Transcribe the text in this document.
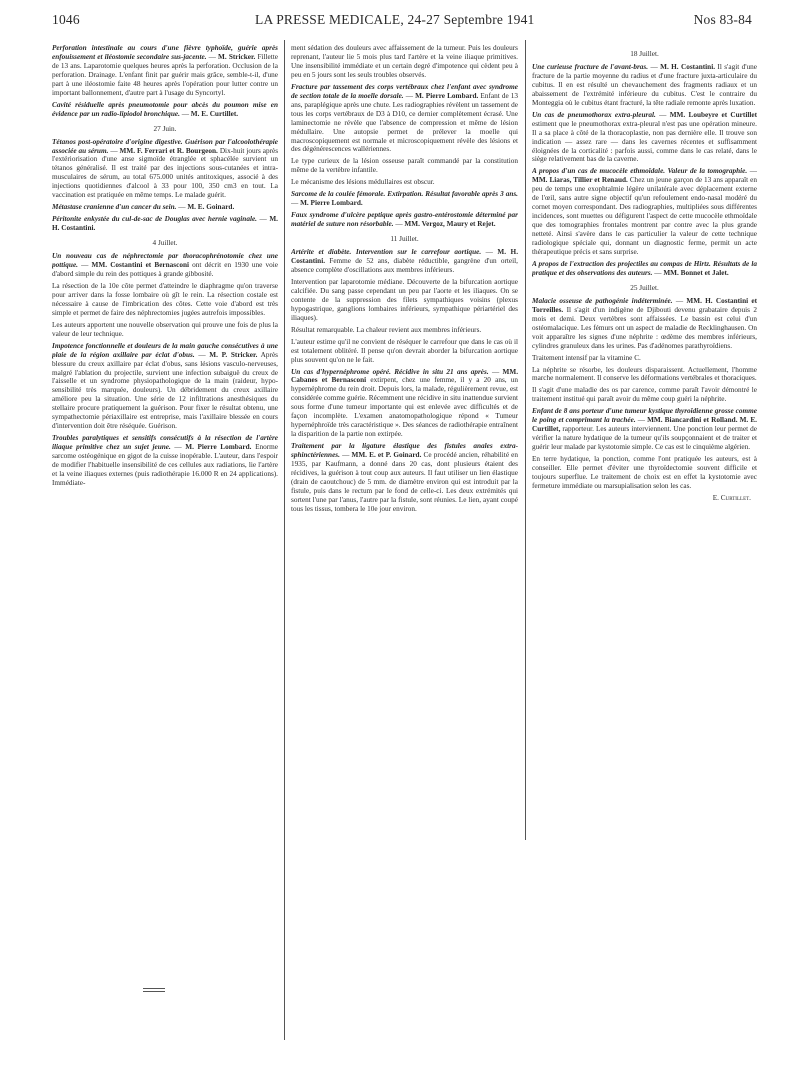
1046	LA PRESSE MEDICALE, 24-27 Septembre 1941	Nos 83-84

Perforation intestinale au cours d'une fièvre typhoïde, guérie après enfouissement et iléostomie secondaire sus-jacente. — M. Stricker. Fillette de 13 ans. Laparotomie quelques heures après la perforation. Occlusion de la perforation. Drainage. L'enfant finit par guérir mais grâce, semble-t-il, d'une part à une iléostomie faite 48 heures après l'opération pour lutter contre un important ballonnement, d'autre part à l'usage du Syncortyl.

Cavité résiduelle après pneumotomie pour abcès du poumon mise en évidence par un radio-lipiodol bronchique. — M. E. Curtillet.

27 Juin.

Tétanos post-opératoire d'origine digestive. Guérison par l'alcoolothérapie associée au sérum. — MM. F. Ferrari et R. Bourgeon. Dix-huit jours après l'extériorisation d'une anse sigmoïde étranglée et sphacélée survient un tétanos généralisé. Il est traité par des injections sous-cutanées et intra-musculaires de sérum, au total 675.000 unités antitoxiques, associé à des injections quotidiennes d'alcool à 33 pour 100, 350 cm3 en tout. La vaccination est pratiquée en même temps. Le malade guérit.

Métastase cranienne d'un cancer du sein. — M. E. Goinard.

Péritonite enkystée du cul-de-sac de Douglas avec hernie vaginale. — M. H. Costantini.

4 Juillet.

Un nouveau cas de néphrectomie par thoracophrénotomie chez une pottique. — MM. Costantini et Bernasconi ont décrit en 1930 une voie d'abord simple du rein des pottiques à grande gibbosité.

La résection de la 10e côte permet d'atteindre le diaphragme qu'on traverse pour arriver dans la fosse lombaire où gît le rein. La résection costale est nécessaire à cause de l'imbrication des côtes. Cette voie d'abord est très simple et permet de faire des néphrectomies jugées autrefois impossibles.

Les auteurs apportent une nouvelle observation qui prouve une fois de plus la valeur de leur technique.

Impotence fonctionnelle et douleurs de la main gauche consécutives à une plaie de la région axillaire par éclat d'obus. — M. P. Stricker. Après blessure du creux axillaire par éclat d'obus, sans lésions vasculo-nerveuses, malgré l'ablation du projectile, survient une infection subaiguë du creux de l'aisselle et un syndrome physiopathologique de la main (raideur, hypo-sensibilité très marquée, douleurs). Un débridement du creux axillaire améliore peu la situation. Une série de 12 infiltrations anesthésiques du stellaire procure pratiquement la guérison. Pour fixer le résultat obtenu, une sympathectomie périaxillaire est entreprise, mais l'axillaire blessée en cours d'intervention doit être réséquée. Guérison.

Troubles paralytiques et sensitifs consécutifs à la résection de l'artère iliaque primitive chez un sujet jeune. — M. Pierre Lombard. Enorme sarcome ostéogénique en gigot de la cuisse inopérable. L'auteur, dans l'espoir de modifier l'habituelle insensibilité de ces cellules aux radiations, lie l'artère et la veine iliaques externes (puis radiothérapie 16.000 R en 24 applications). Immédiate-

ment sédation des douleurs avec affaissement de la tumeur. Puis les douleurs reprenant, l'auteur lie 5 mois plus tard l'artère et la veine iliaque primitives. Une insensibilité immédiate et un certain degré d'impotence qui cèdent peu à peu en 5 jours sont les seuls troubles observés.

Fracture par tassement des corps vertébraux chez l'enfant avec syndrome de section totale de la moelle dorsale. — M. Pierre Lombard. Enfant de 13 ans, paraplégique après une chute. Les radiographies révèlent un tassement de tous les corps vertébraux de D3 à D10, ce dernier complètement écrasé. Une laminectomie ne révèle que l'absence de compression et même de lésion médullaire. Une autopsie permet de prélever la moelle qui macroscopiquement est normale et microscopiquement révèle des lésions et des dégénérescences wallériennes.

Le type curieux de la lésion osseuse paraît commandé par la constitution même de la vertèbre infantile.

Le mécanisme des lésions médullaires est obscur.

Sarcome de la coulée fémorale. Extirpation. Résultat favorable après 3 ans. — M. Pierre Lombard.

Faux syndrome d'ulcère peptique après gastro-entérostomie déterminé par matériel de suture non résorbable. — MM. Vergoz, Maury et Rejet.

11 Juillet.

Artérite et diabète. Intervention sur le carrefour aortique. — M. H. Costantini. Femme de 52 ans, diabète réductible, gangrène d'un orteil, absence complète d'oscillations aux membres inférieurs.

Intervention par laparotomie médiane. Découverte de la bifurcation aortique calcifiée. Du sang passe cependant un peu par l'aorte et les iliaques. On se contente de la suppression des filets sympathiques voisins (plexus hypogastrique, ganglions lombaires inférieurs, sympathique périartériel des iliaques).

Résultat remarquable. La chaleur revient aux membres inférieurs.

L'auteur estime qu'il ne convient de réséquer le carrefour que dans le cas où il est totalement oblitéré. Il pense qu'on devrait aborder la bifurcation aortique plus souvent qu'on ne le fait.

Un cas d'hypernéphrome opéré. Récidive in situ 21 ans après. — MM. Cabanes et Bernasconi extirpent, chez une femme, il y a 20 ans, un hypernéphrome du rein droit. Depuis lors, la malade, régulièrement revue, est considérée comme guérie. Récemment une récidive in situ inattendue survient sous forme d'une tumeur importante qui est enlevée avec difficultés et de façon incomplète. L'examen anatomopathologique répond « Tumeur hypernéphroïde très caractéristique ». Des séances de radiothérapie entraînent la disparition de la partie non extirpée.

Traitement par la ligature élastique des fistules anales extra-sphinctériennes. — MM. E. et P. Goinard. Ce procédé ancien, réhabilité en 1935, par Kaufmann, a donné dans 20 cas, dont plusieurs étaient des récidives, la guérison à tout coup aux auteurs. Il faut utiliser un lien élastique (drain de caoutchouc) de 5 mm. de diamètre environ qui est introduit par la fistule, puis dans le rectum par le fond de celle-ci. Les deux extrémités qui sortent l'une par l'anus, l'autre par la fistule, sont réunies. Le lien, ayant coupé tous les tissus, tombera le 10e jour environ.

18 Juillet.

Une curieuse fracture de l'avant-bras. — M. H. Costantini. Il s'agit d'une fracture de la partie moyenne du radius et d'une fracture juxta-articulaire du cubitus. Il en est résulté un chevauchement des fragments radiaux et un abaissement de l'extrémité inférieure du cubitus. C'est le contraire du Monteggia où le cubitus étant fracturé, la tête radiale remonte après luxation.

Un cas de pneumothorax extra-pleural. — MM. Loubeyre et Curtillet estiment que le pneumothorax extra-pleural n'est pas une opération mineure. Il a sa place à côté de la thoracoplastie, non pas dernière elle. Il trouve son indication — assez rare — dans les cavernes récentes et suffisamment éloignées de la corticalité : parfois aussi, comme dans le cas relaté, dans le siège relativement bas de la caverne.

A propos d'un cas de mucocèle ethmoïdale. Valeur de la tomographie. — MM. Liaras, Tillier et Renaud. Chez un jeune garçon de 13 ans apparaît en peu de temps une exophtalmie légère unilatérale avec déplacement externe de l'œil, sans autre signe objectif qu'un refoulement endo-nasal modéré du cornet moyen correspondant. Des radiographies, multipliées sous différentes incidences, sont muettes ou défigurent l'aspect de cette mucocèle ethmoïdale que des tomographies frontales montrent par contre avec la plus grande netteté. Ainsi s'avère dans le cas particulier la valeur de cette technique radiologique spéciale qui, donnant un diagnostic ferme, permit un acte thérapeutique précis et sans surprise.

A propos de l'extraction des projectiles au compas de Hirtz. Résultats de la pratique et des observations des auteurs. — MM. Bonnet et Jalet.

25 Juillet.

Malacie osseuse de pathogénie indéterminée. — MM. H. Costantini et Torreilles. Il s'agit d'un indigène de Djibouti devenu grabataire depuis 2 mois et demi. Deux vertèbres sont affaissées. Le bassin est celui d'un ostéomalacique. Les fémurs ont un aspect de maladie de Recklinghausen. On voit apparaître les signes d'une néphrite : œdème des membres inférieurs, cylindres granuleux dans les urines. Pas d'adénomes parathyroïdiens.

Traitement intensif par la vitamine C.

La néphrite se résorbe, les douleurs disparaissent. Actuellement, l'homme marche normalement. Il conserve les déformations vertébrales et thoraciques.

Il s'agit d'une maladie des os par carence, comme paraît l'avoir démontré le traitement institué qui paraît avoir du même coup guéri la néphrite.

Enfant de 8 ans porteur d'une tumeur kystique thyroïdienne grosse comme le poing et comprimant la trachée. — MM. Biancardini et Rolland. M. E. Curtillet, rapporteur. Les auteurs interviennent. Une ponction leur permet de vérifier la nature hydatique de la tumeur qu'ils soupçonnaient et de traiter et guérir leur malade par kystotomie simple. Ce cas est le cinquième algérien.

En terre hydatique, la ponction, comme l'ont pratiquée les auteurs, est à conseiller. Elle permet d'éviter une thyroïdectomie souvent difficile et toujours superflue. Le traitement de choix est en effet la kystotomie avec fermeture immédiate ou marsupialisation selon les cas.

E. Curtillet.
